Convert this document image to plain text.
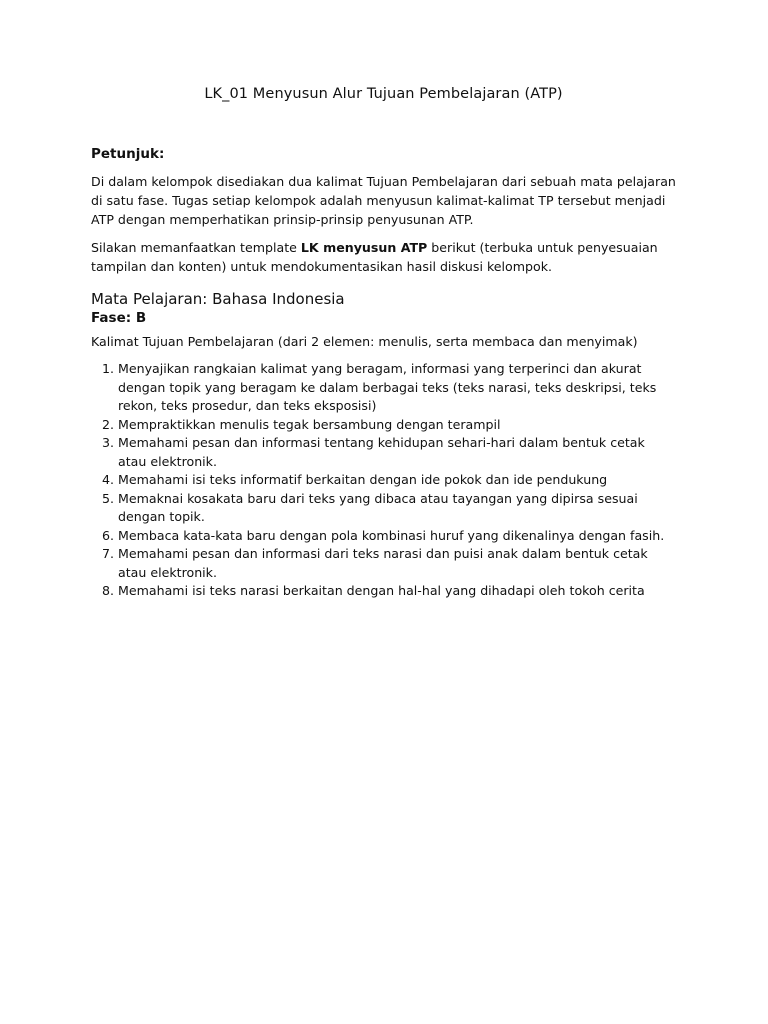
LK_01 Menyusun Alur Tujuan Pembelajaran (ATP)
Petunjuk:

Di dalam kelompok disediakan dua kalimat Tujuan Pembelajaran dari sebuah mata pelajaran di satu fase. Tugas setiap kelompok adalah menyusun kalimat-kalimat TP tersebut menjadi ATP dengan memperhatikan prinsip-prinsip penyusunan ATP.

Silakan memanfaatkan template LK menyusun ATP berikut (terbuka untuk penyesuaian tampilan dan konten) untuk mendokumentasikan hasil diskusi kelompok.

Mata Pelajaran: Bahasa Indonesia
Fase: B

Kalimat Tujuan Pembelajaran (dari 2 elemen: menulis, serta membaca dan menyimak)

1. Menyajikan rangkaian kalimat yang beragam, informasi yang terperinci dan akurat dengan topik yang beragam ke dalam berbagai teks (teks narasi, teks deskripsi, teks rekon, teks prosedur, dan teks eksposisi)
2. Mempraktikkan menulis tegak bersambung dengan terampil
3. Memahami pesan dan informasi tentang kehidupan sehari-hari dalam bentuk cetak atau elektronik.
4. Memahami isi teks informatif berkaitan dengan ide pokok dan ide pendukung
5. Memaknai kosakata baru dari teks yang dibaca atau tayangan yang dipirsa sesuai dengan topik.
6. Membaca kata-kata baru dengan pola kombinasi huruf yang dikenalinya dengan fasih.
7. Memahami pesan dan informasi dari teks narasi dan puisi anak dalam bentuk cetak atau elektronik.
8. Memahami isi teks narasi berkaitan dengan hal-hal yang dihadapi oleh tokoh cerita
